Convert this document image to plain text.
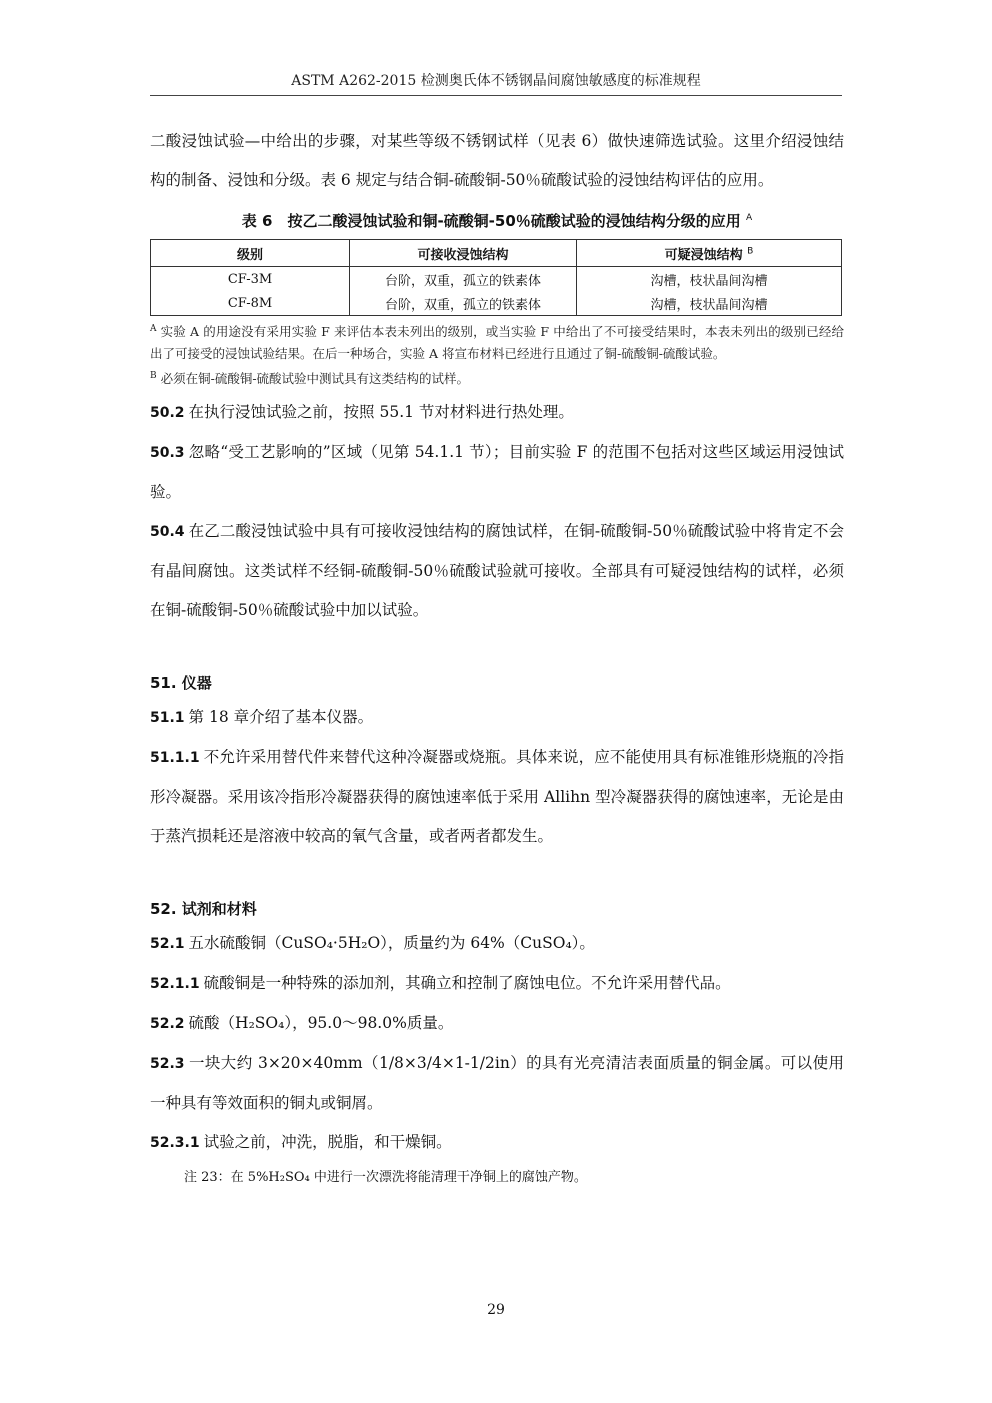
ASTM A262-2015 检测奥氏体不锈钢晶间腐蚀敏感度的标准规程

二酸浸蚀试验—中给出的步骤，对某些等级不锈钢试样（见表 6）做快速筛选试验。这里介绍浸蚀结构的制备、浸蚀和分级。表 6 规定与结合铜-硫酸铜-50％硫酸试验的浸蚀结构评估的应用。

表 6　按乙二酸浸蚀试验和铜-硫酸铜-50％硫酸试验的浸蚀结构分级的应用 $^A$
级别	可接收浸蚀结构	可疑浸蚀结构 $^B$
CF-3M	台阶，双重，孤立的铁素体	沟槽，枝状晶间沟槽
CF-8M	台阶，双重，孤立的铁素体	沟槽，枝状晶间沟槽

$^A$ 实验 A 的用途没有采用实验 F 来评估本表未列出的级别，或当实验 F 中给出了不可接受结果时，本表未列出的级别已经给出了可接受的浸蚀试验结果。在后一种场合，实验 A 将宣布材料已经进行且通过了铜-硫酸铜-硫酸试验。

$^B$ 必须在铜-硫酸铜-硫酸试验中测试具有这类结构的试样。

50.2 在执行浸蚀试验之前，按照 55.1 节对材料进行热处理。

50.3 忽略“受工艺影响的”区域（见第 54.1.1 节）；目前实验 F 的范围不包括对这些区域运用浸蚀试验。

50.4 在乙二酸浸蚀试验中具有可接收浸蚀结构的腐蚀试样，在铜-硫酸铜-50％硫酸试验中将肯定不会有晶间腐蚀。这类试样不经铜-硫酸铜-50％硫酸试验就可接收。全部具有可疑浸蚀结构的试样，必须在铜-硫酸铜-50％硫酸试验中加以试验。

51. 仪器

51.1 第 18 章介绍了基本仪器。

51.1.1 不允许采用替代件来替代这种冷凝器或烧瓶。具体来说，应不能使用具有标准锥形烧瓶的冷指形冷凝器。采用该冷指形冷凝器获得的腐蚀速率低于采用 Allihn 型冷凝器获得的腐蚀速率，无论是由于蒸汽损耗还是溶液中较高的氧气含量，或者两者都发生。

52. 试剂和材料

52.1 五水硫酸铜（CuSO₄·5H₂O），质量约为 64%（CuSO₄）。

52.1.1 硫酸铜是一种特殊的添加剂，其确立和控制了腐蚀电位。不允许采用替代品。

52.2 硫酸（H₂SO₄），95.0～98.0%质量。

52.3 一块大约 3×20×40mm（1/8×3/4×1-1/2in）的具有光亮清洁表面质量的铜金属。可以使用一种具有等效面积的铜丸或铜屑。

52.3.1 试验之前，冲洗，脱脂，和干燥铜。

注 23：在 5%H₂SO₄ 中进行一次漂洗将能清理干净铜上的腐蚀产物。
29
